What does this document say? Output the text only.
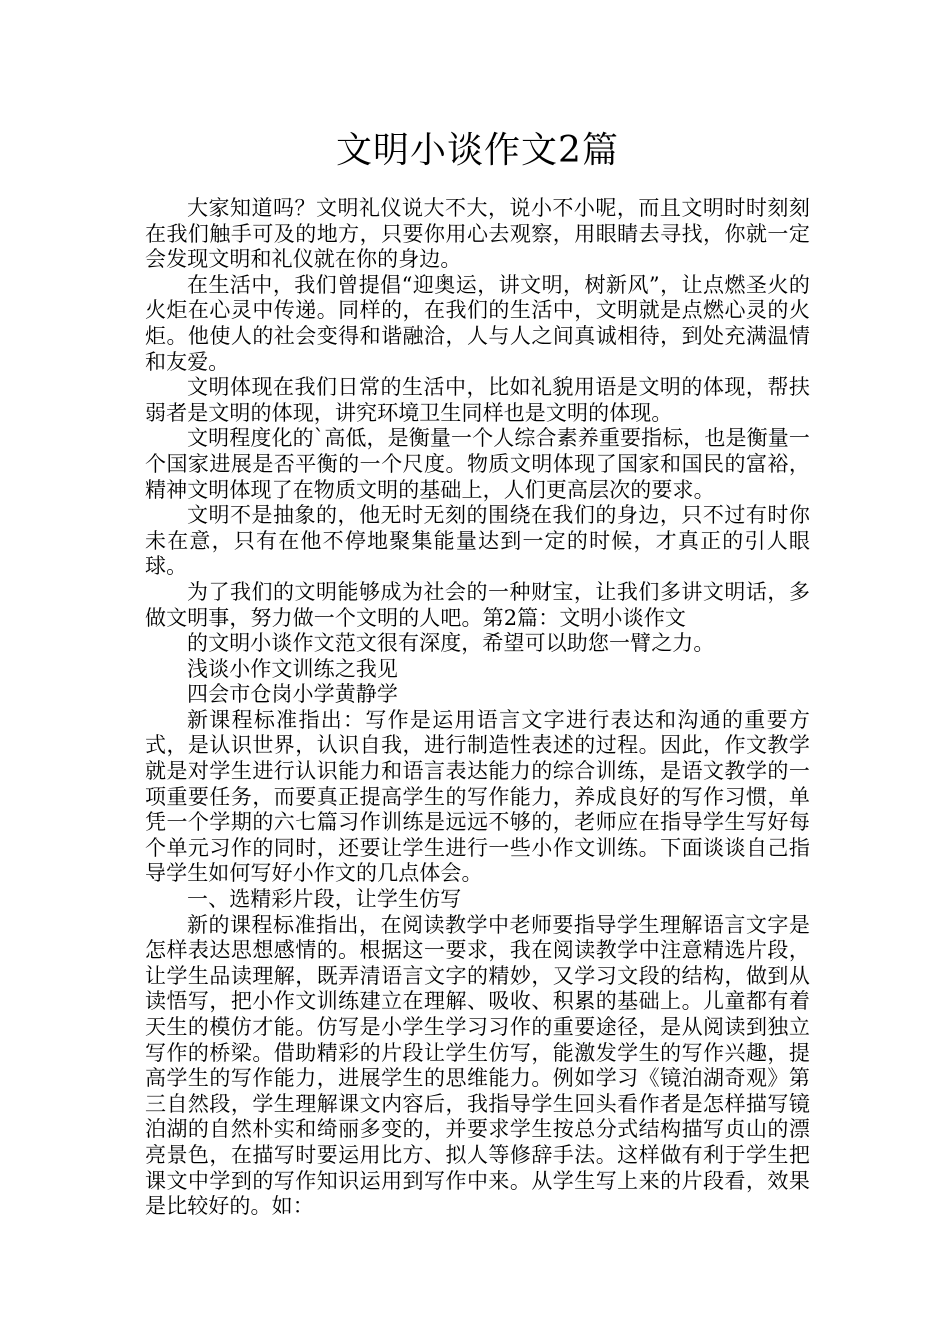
文明小谈作文2篇

大家知道吗？文明礼仪说大不大，说小不小呢，而且文明时时刻刻在我们触手可及的地方，只要你用心去观察，用眼睛去寻找，你就一定会发现文明和礼仪就在你的身边。

在生活中，我们曾提倡“迎奥运，讲文明，树新风”，让点燃圣火的火炬在心灵中传递。同样的，在我们的生活中，文明就是点燃心灵的火炬。他使人的社会变得和谐融洽，人与人之间真诚相待，到处充满温情和友爱。

文明体现在我们日常的生活中，比如礼貌用语是文明的体现，帮扶弱者是文明的体现，讲究环境卫生同样也是文明的体现。

文明程度化的`高低，是衡量一个人综合素养重要指标，也是衡量一个国家进展是否平衡的一个尺度。物质文明体现了国家和国民的富裕，精神文明体现了在物质文明的基础上，人们更高层次的要求。

文明不是抽象的，他无时无刻的围绕在我们的身边，只不过有时你未在意，只有在他不停地聚集能量达到一定的时候，才真正的引人眼球。

为了我们的文明能够成为社会的一种财宝，让我们多讲文明话，多做文明事，努力做一个文明的人吧。第2篇：文明小谈作文

的文明小谈作文范文很有深度，希望可以助您一臂之力。

浅谈小作文训练之我见

四会市仓岗小学黄静学

新课程标准指出：写作是运用语言文字进行表达和沟通的重要方式，是认识世界，认识自我，进行制造性表述的过程。因此，作文教学就是对学生进行认识能力和语言表达能力的综合训练，是语文教学的一项重要任务，而要真正提高学生的写作能力，养成良好的写作习惯，单凭一个学期的六七篇习作训练是远远不够的，老师应在指导学生写好每个单元习作的同时，还要让学生进行一些小作文训练。下面谈谈自己指导学生如何写好小作文的几点体会。

一、选精彩片段，让学生仿写

新的课程标准指出，在阅读教学中老师要指导学生理解语言文字是怎样表达思想感情的。根据这一要求，我在阅读教学中注意精选片段，让学生品读理解，既弄清语言文字的精妙，又学习文段的结构，做到从读悟写，把小作文训练建立在理解、吸收、积累的基础上。儿童都有着天生的模仿才能。仿写是小学生学习习作的重要途径，是从阅读到独立写作的桥梁。借助精彩的片段让学生仿写，能激发学生的写作兴趣，提高学生的写作能力，进展学生的思维能力。例如学习《镜泊湖奇观》第三自然段，学生理解课文内容后，我指导学生回头看作者是怎样描写镜泊湖的自然朴实和绮丽多变的，并要求学生按总分式结构描写贞山的漂亮景色，在描写时要运用比方、拟人等修辞手法。这样做有利于学生把课文中学到的写作知识运用到写作中来。从学生写上来的片段看，效果是比较好的。如：
